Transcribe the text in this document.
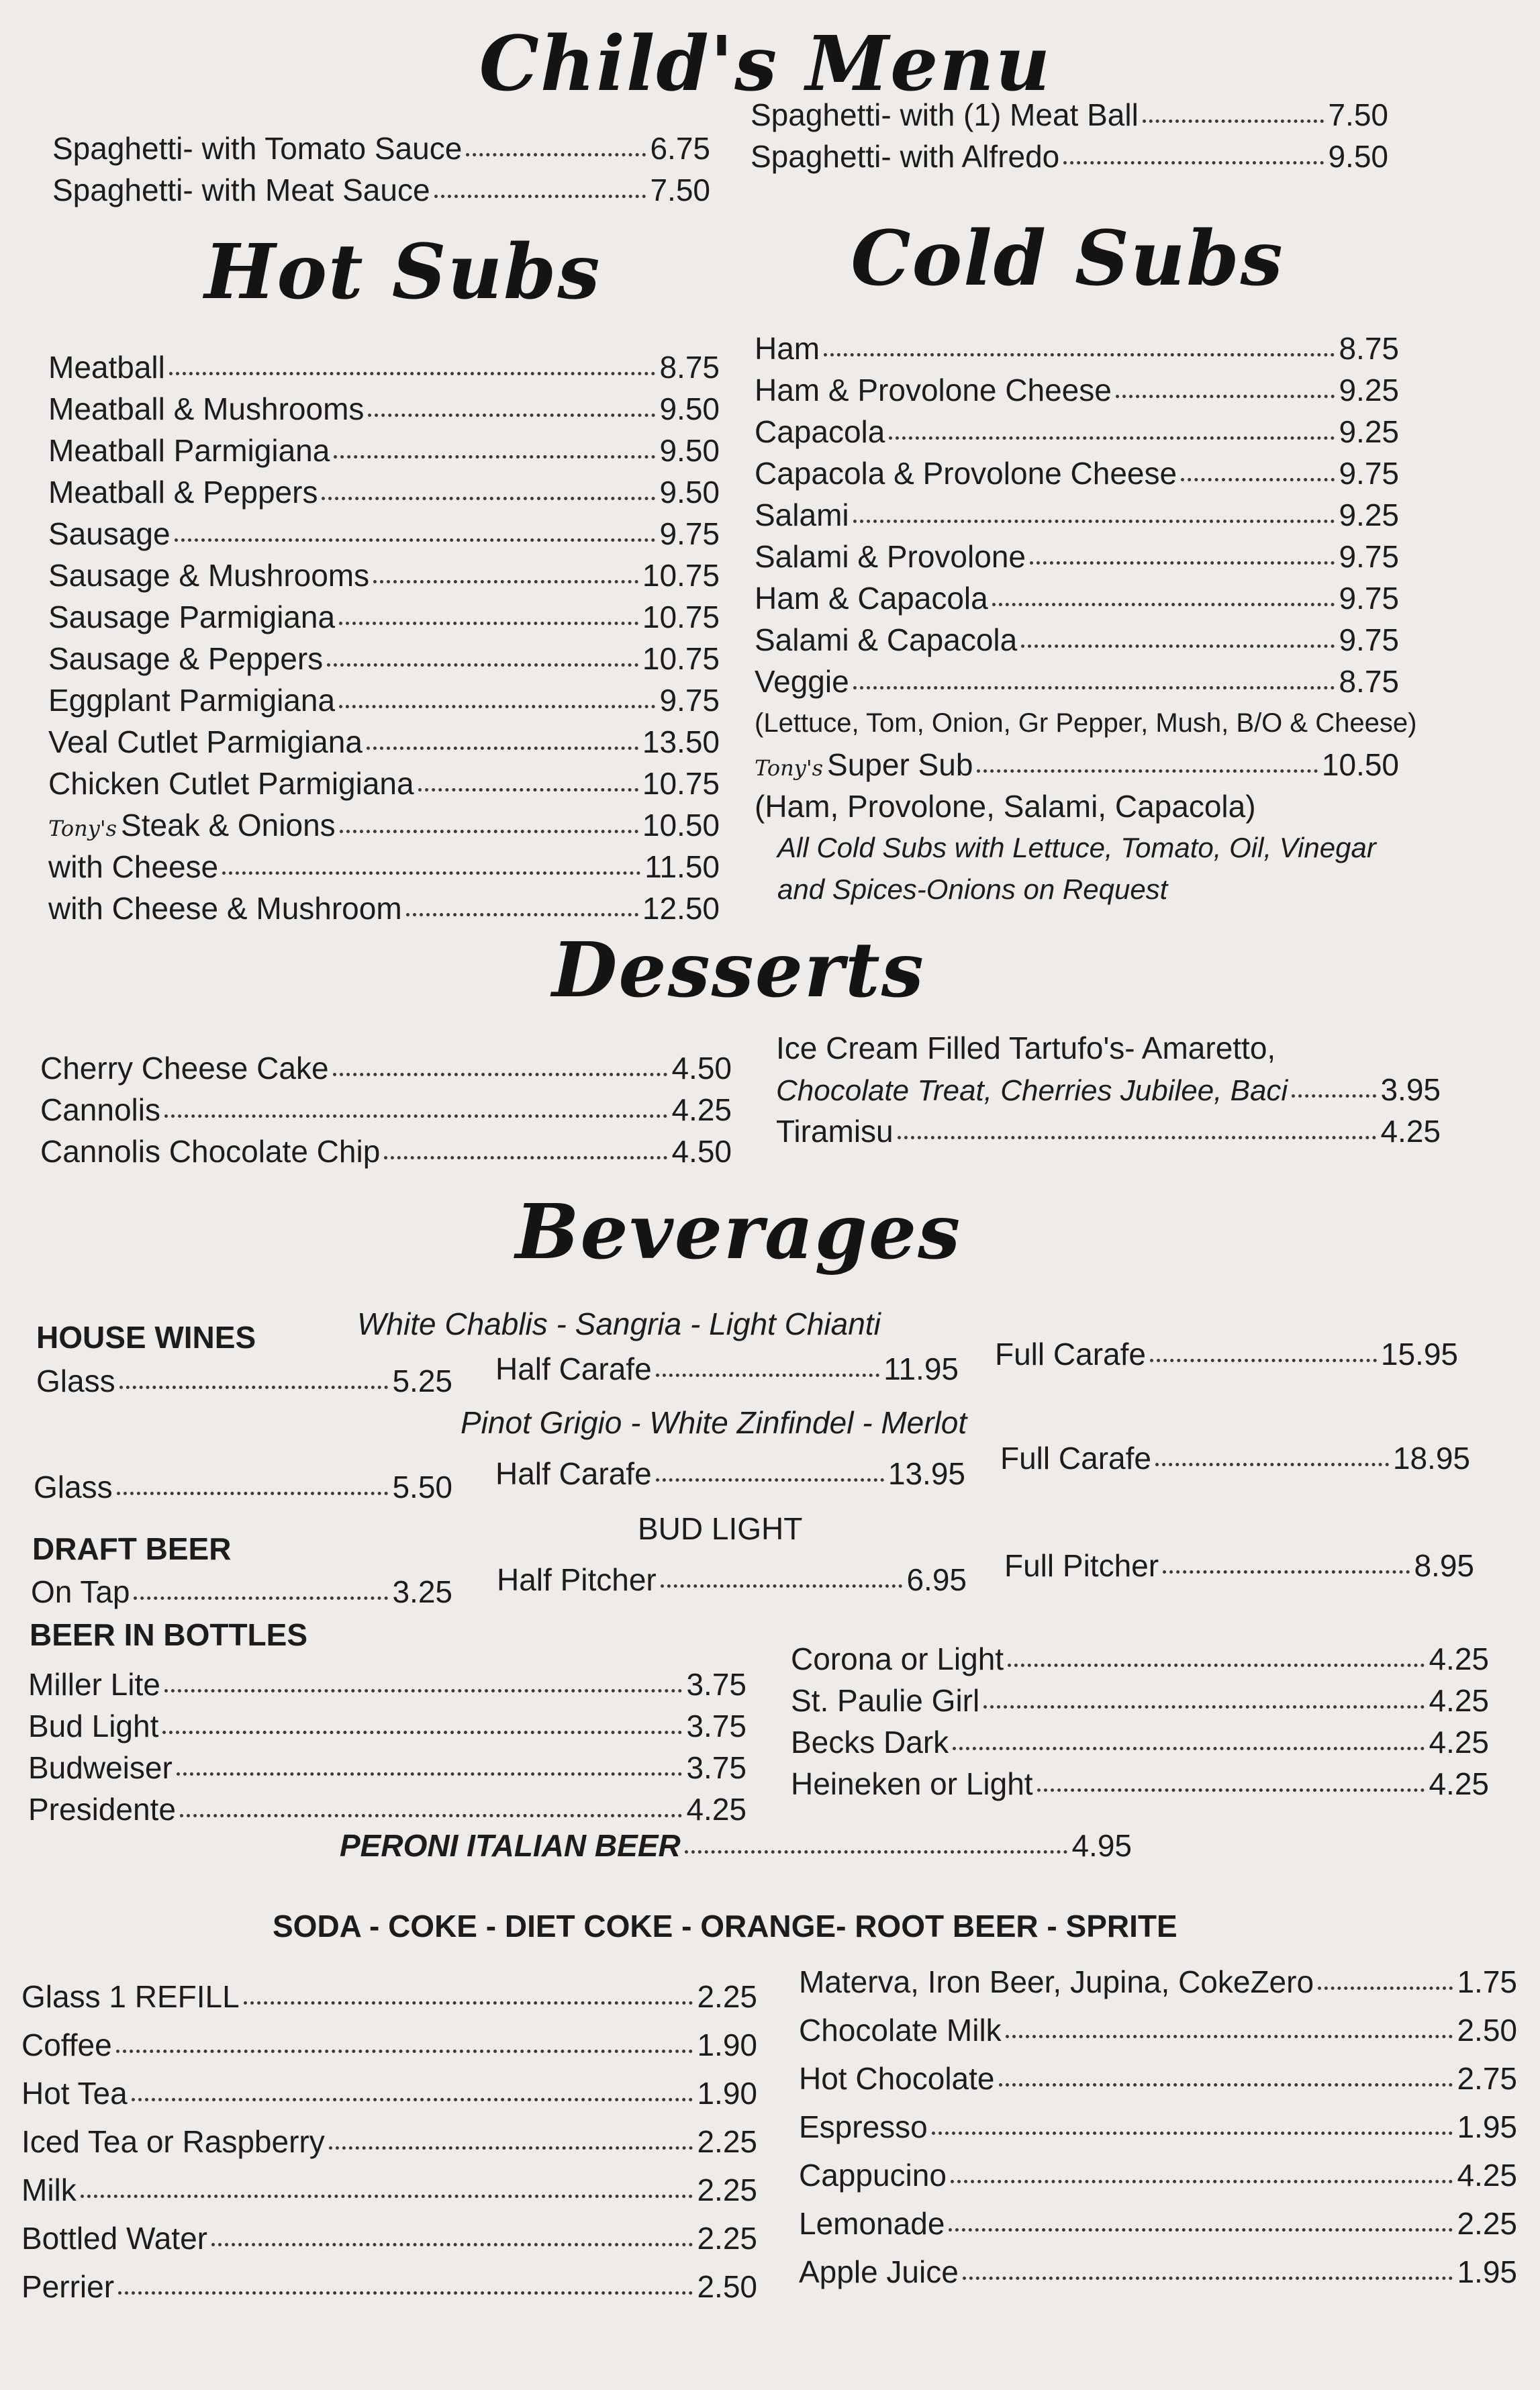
Child's Menu
Spaghetti- with Tomato Sauce	6.75
Spaghetti- with Meat Sauce	7.50
Spaghetti- with (1) Meat Ball	7.50
Spaghetti- with Alfredo	9.50
Hot Subs
Meatball	8.75
Meatball & Mushrooms	9.50
Meatball Parmigiana	9.50
Meatball & Peppers	9.50
Sausage	9.75
Sausage & Mushrooms	10.75
Sausage Parmigiana	10.75
Sausage & Peppers	10.75
Eggplant Parmigiana	9.75
Veal Cutlet Parmigiana	13.50
Chicken Cutlet Parmigiana	10.75
Tony's Steak & Onions	10.50
with Cheese	11.50
with Cheese & Mushroom	12.50
Cold Subs
Ham	8.75
Ham & Provolone Cheese	9.25
Capacola	9.25
Capacola & Provolone Cheese	9.75
Salami	9.25
Salami & Provolone	9.75
Ham & Capacola	9.75
Salami & Capacola	9.75
Veggie	8.75
(Lettuce, Tom, Onion, Gr Pepper, Mush, B/O & Cheese)
Tony's Super Sub	10.50
(Ham, Provolone, Salami, Capacola)
All Cold Subs with Lettuce, Tomato, Oil, Vinegar
and Spices-Onions on Request
Desserts
Cherry Cheese Cake	4.50
Cannolis	4.25
Cannolis Chocolate Chip	4.50
Ice Cream Filled Tartufo's- Amaretto,
Chocolate Treat, Cherries Jubilee, Baci	3.95
Tiramisu	4.25
Beverages
HOUSE WINES	White Chablis - Sangria - Light Chianti
Glass	5.25 Half Carafe	11.95 Full Carafe	15.95
Pinot Grigio - White Zinfindel - Merlot
Glass	5.50 Half Carafe	13.95 Full Carafe	18.95
BUD LIGHT
DRAFT BEER
On Tap	3.25 Half Pitcher	6.95 Full Pitcher	8.95
BEER IN BOTTLES
Miller Lite	3.75
Bud Light	3.75
Budweiser	3.75
Presidente	4.25
Corona or Light	4.25
St. Paulie Girl	4.25
Becks Dark	4.25
Heineken or Light	4.25
PERONI ITALIAN BEER	4.95
SODA - COKE - DIET COKE - ORANGE- ROOT BEER - SPRITE
Glass 1 REFILL	2.25
Coffee	1.90
Hot Tea	1.90
Iced Tea or Raspberry	2.25
Milk	2.25
Bottled Water	2.25
Perrier	2.50
Materva, Iron Beer, Jupina, CokeZero	1.75
Chocolate Milk	2.50
Hot Chocolate	2.75
Espresso	1.95
Cappucino	4.25
Lemonade	2.25
Apple Juice	1.95
